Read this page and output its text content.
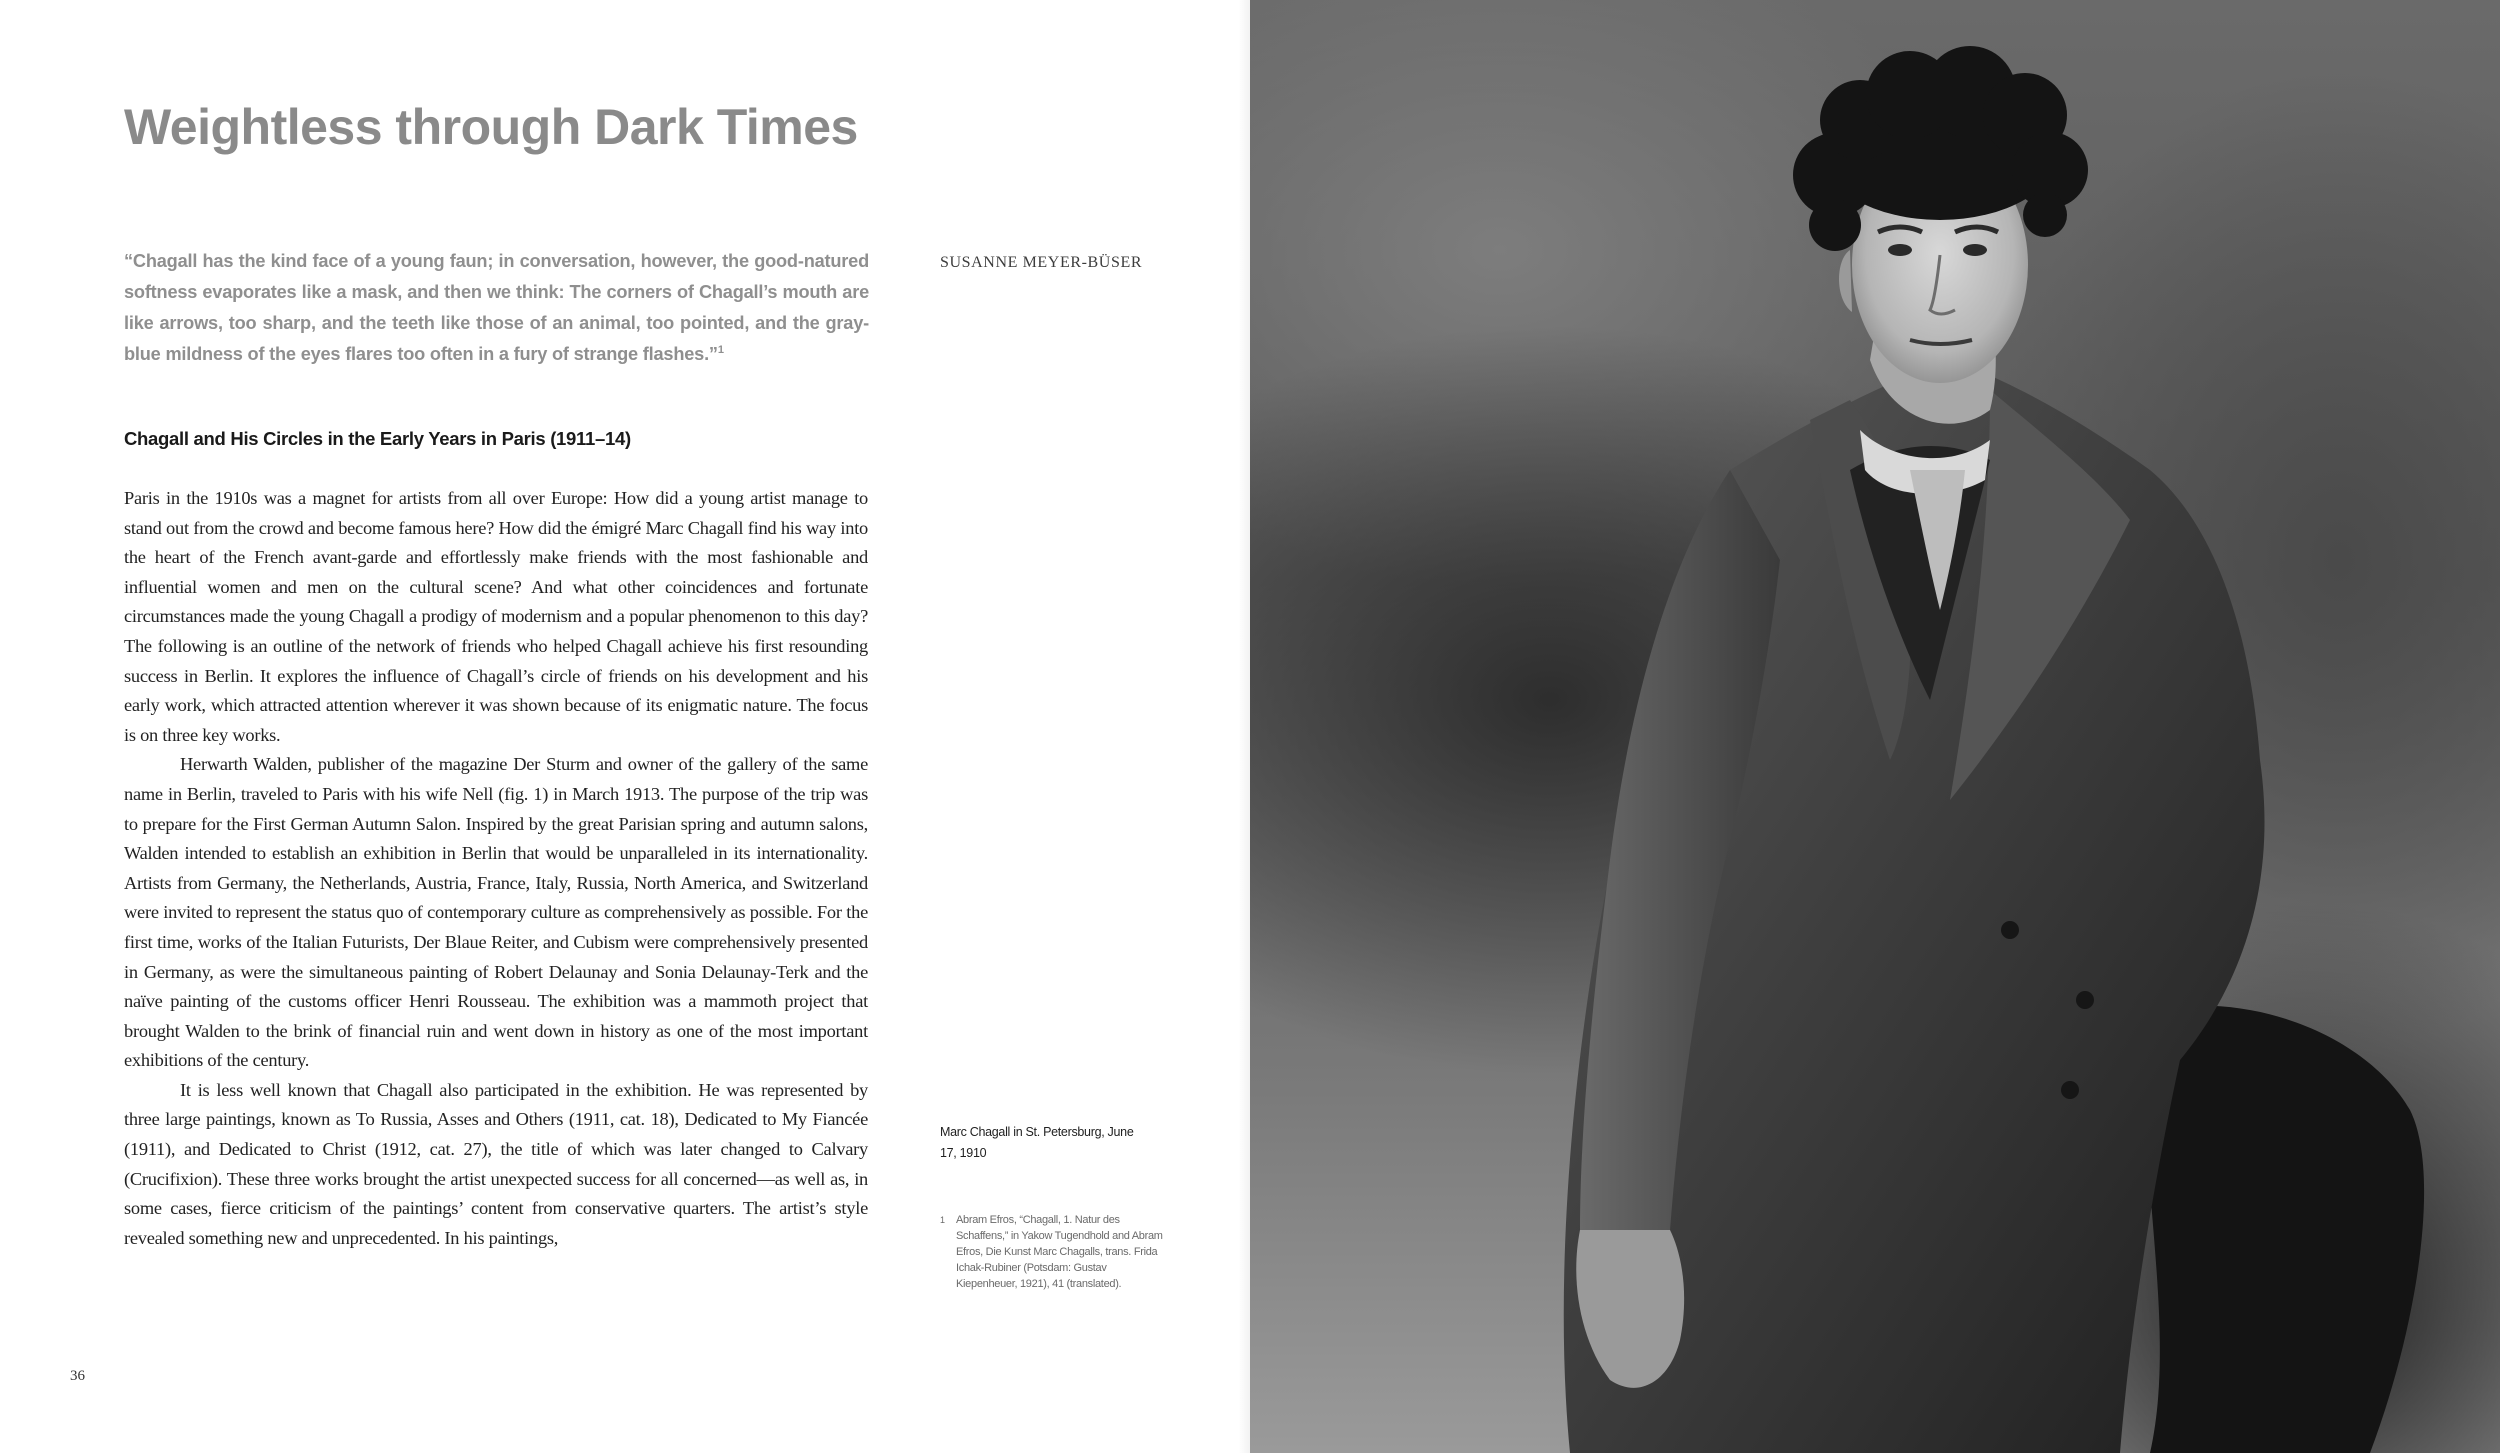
Weightless through Dark Times

“Chagall has the kind face of a young faun; in conversation, however, the good-natured softness evaporates like a mask, and then we think: The corners of Chagall’s mouth are like arrows, too sharp, and the teeth like those of an animal, too pointed, and the gray-blue mildness of the eyes flares too often in a fury of strange flashes.”$^1$

SUSANNE MEYER-BÜSER

Chagall and His Circles in the Early Years in Paris (1911–14)

Paris in the 1910s was a magnet for artists from all over Europe: How did a young artist manage to stand out from the crowd and become famous here? How did the émigré Marc Chagall find his way into the heart of the French avant-garde and effortlessly make friends with the most fashionable and influential women and men on the cultural scene? And what other coincidences and fortunate circumstances made the young Chagall a prodigy of modernism and a popular phenomenon to this day? The following is an outline of the network of friends who helped Chagall achieve his first resounding success in Berlin. It explores the influence of Chagall’s circle of friends on his development and his early work, which attracted attention wherever it was shown because of its enigmatic nature. The focus is on three key works.

Herwarth Walden, publisher of the magazine Der Sturm and owner of the gallery of the same name in Berlin, traveled to Paris with his wife Nell (fig. 1) in March 1913. The purpose of the trip was to prepare for the First German Autumn Salon. Inspired by the great Parisian spring and autumn salons, Walden intended to establish an exhibition in Berlin that would be unparalleled in its internationality. Artists from Germany, the Netherlands, Austria, France, Italy, Russia, North America, and Switzerland were invited to represent the status quo of contemporary culture as comprehensively as possible. For the first time, works of the Italian Futurists, Der Blaue Reiter, and Cubism were comprehensively presented in Germany, as were the simultaneous painting of Robert Delaunay and Sonia Delaunay-Terk and the naïve painting of the customs officer Henri Rousseau. The exhibition was a mammoth project that brought Walden to the brink of financial ruin and went down in history as one of the most important exhibitions of the century.

It is less well known that Chagall also participated in the exhibition. He was represented by three large paintings, known as To Russia, Asses and Others (1911, cat. 18), Dedicated to My Fiancée (1911), and Dedicated to Christ (1912, cat. 27), the title of which was later changed to Calvary (Crucifixion). These three works brought the artist unexpected success for all concerned—as well as, in some cases, fierce criticism of the paintings’ content from conservative quarters. The artist’s style revealed something new and unprecedented. In his paintings,

Marc Chagall in St. Petersburg, June 17, 1910

1	Abram Efros, “Chagall, 1. Natur des Schaffens,” in Yakow Tugendhold and Abram Efros, Die Kunst Marc Chagalls, trans. Frida Ichak-Rubiner (Potsdam: Gustav Kiepenheuer, 1921), 41 (translated).

36
